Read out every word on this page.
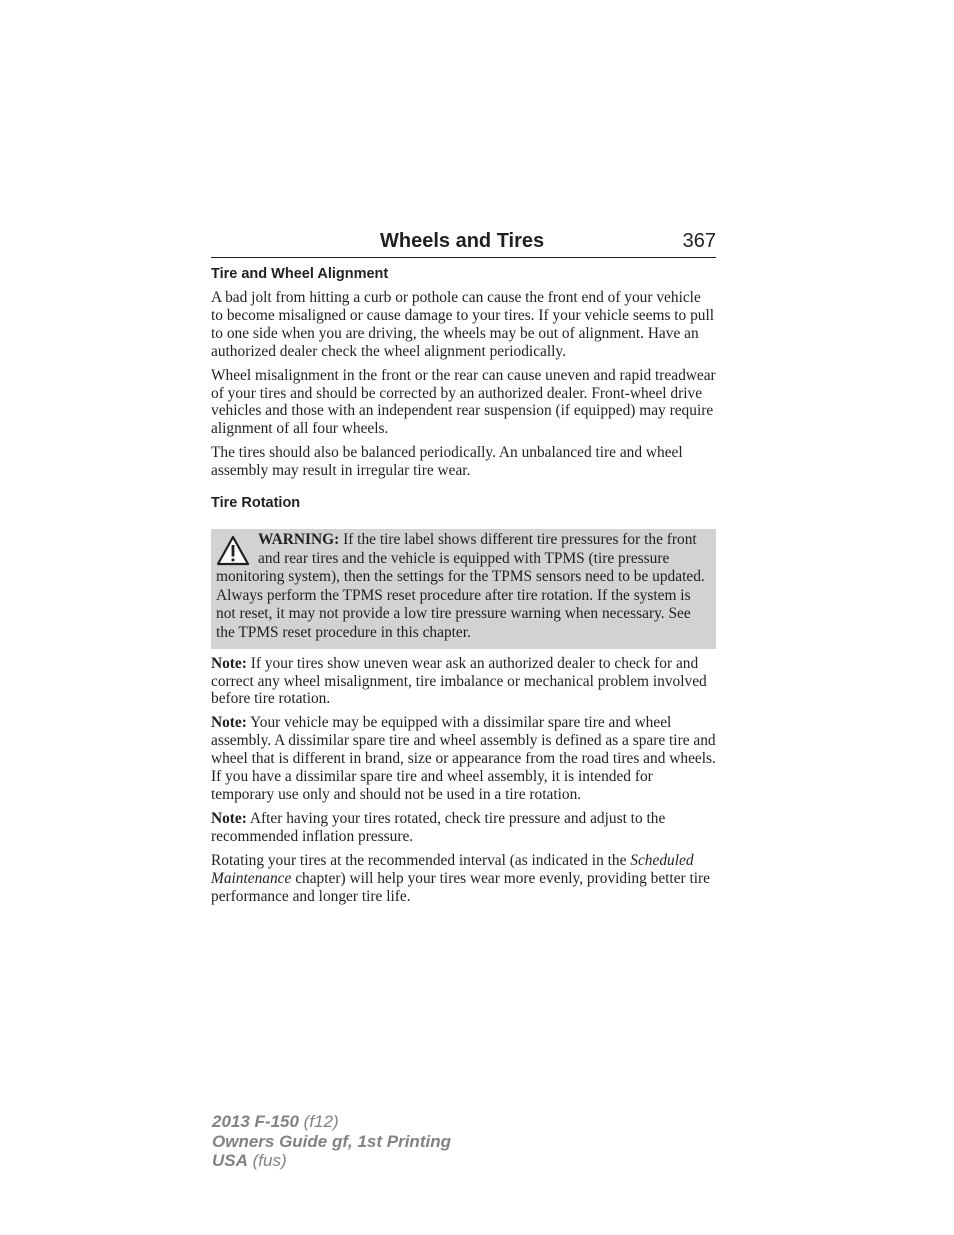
Wheels and Tires	367
Tire and Wheel Alignment

A bad jolt from hitting a curb or pothole can cause the front end of your vehicle to become misaligned or cause damage to your tires. If your vehicle seems to pull to one side when you are driving, the wheels may be out of alignment. Have an authorized dealer check the wheel alignment periodically.

Wheel misalignment in the front or the rear can cause uneven and rapid treadwear of your tires and should be corrected by an authorized dealer. Front-wheel drive vehicles and those with an independent rear suspension (if equipped) may require alignment of all four wheels.

The tires should also be balanced periodically. An unbalanced tire and wheel assembly may result in irregular tire wear.

Tire Rotation

WARNING: If the tire label shows different tire pressures for the front and rear tires and the vehicle is equipped with TPMS (tire pressure monitoring system), then the settings for the TPMS sensors need to be updated. Always perform the TPMS reset procedure after tire rotation. If the system is not reset, it may not provide a low tire pressure warning when necessary. See the TPMS reset procedure in this chapter.

Note: If your tires show uneven wear ask an authorized dealer to check for and correct any wheel misalignment, tire imbalance or mechanical problem involved before tire rotation.

Note: Your vehicle may be equipped with a dissimilar spare tire and wheel assembly. A dissimilar spare tire and wheel assembly is defined as a spare tire and wheel that is different in brand, size or appearance from the road tires and wheels. If you have a dissimilar spare tire and wheel assembly, it is intended for temporary use only and should not be used in a tire rotation.

Note: After having your tires rotated, check tire pressure and adjust to the recommended inflation pressure.

Rotating your tires at the recommended interval (as indicated in the Scheduled Maintenance chapter) will help your tires wear more evenly, providing better tire performance and longer tire life.

2013 F-150 (f12)
Owners Guide gf, 1st Printing
USA (fus)
